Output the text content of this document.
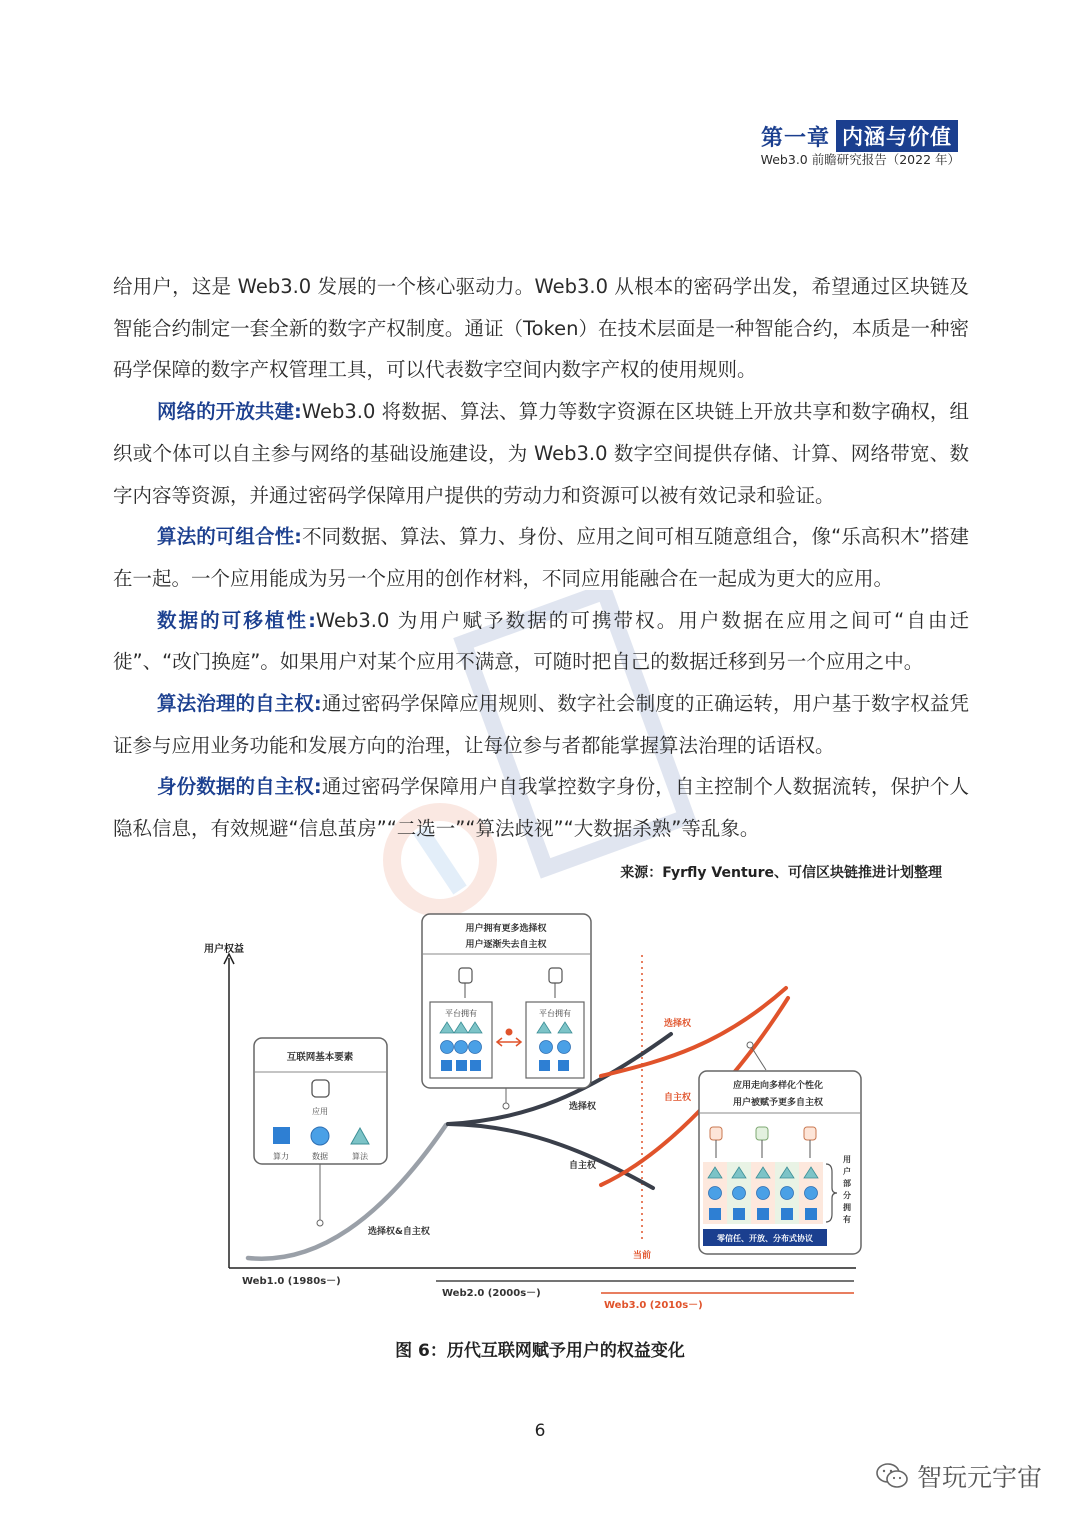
第一章 内涵与价值
Web3.0 前瞻研究报告（2022 年）

给用户，这是 Web3.0 发展的一个核心驱动力。Web3.0 从根本的密码学出发，希望通过区块链及智能合约制定一套全新的数字产权制度。通证（Token）在技术层面是一种智能合约，本质是一种密码学保障的数字产权管理工具，可以代表数字空间内数字产权的使用规则。

网络的开放共建:Web3.0 将数据、算法、算力等数字资源在区块链上开放共享和数字确权，组织或个体可以自主参与网络的基础设施建设，为 Web3.0 数字空间提供存储、计算、网络带宽、数字内容等资源，并通过密码学保障用户提供的劳动力和资源可以被有效记录和验证。

算法的可组合性:不同数据、算法、算力、身份、应用之间可相互随意组合，像“乐高积木”搭建在一起。一个应用能成为另一个应用的创作材料，不同应用能融合在一起成为更大的应用。

数据的可移植性:Web3.0 为用户赋予数据的可携带权。用户数据在应用之间可“自由迁徙”、“改门换庭”。如果用户对某个应用不满意，可随时把自己的数据迁移到另一个应用之中。

算法治理的自主权:通过密码学保障应用规则、数字社会制度的正确运转，用户基于数字权益凭证参与应用业务功能和发展方向的治理，让每位参与者都能掌握算法治理的话语权。

身份数据的自主权:通过密码学保障用户自我掌控数字身份，自主控制个人数据流转，保护个人隐私信息，有效规避“信息茧房”“二选一”“算法歧视”“大数据杀熟”等乱象。

来源：Fyrfly Venture、可信区块链推进计划整理
用户权益
Web1.0 (1980s－)
Web2.0 (2000s－)
Web3.0 (2010s－)
当前
选择权&自主权
选择权
自主权
选择权
自主权
互联网基本要素
应用
算力	数据	算法
用户拥有更多选择权
用户逐渐失去自主权
平台拥有	平台拥有
应用走向多样化个性化
用户被赋予更多自主权
用户部分拥有
零信任、开放、分布式协议
图 6：历代互联网赋予用户的权益变化
6
智玩元宇宙
